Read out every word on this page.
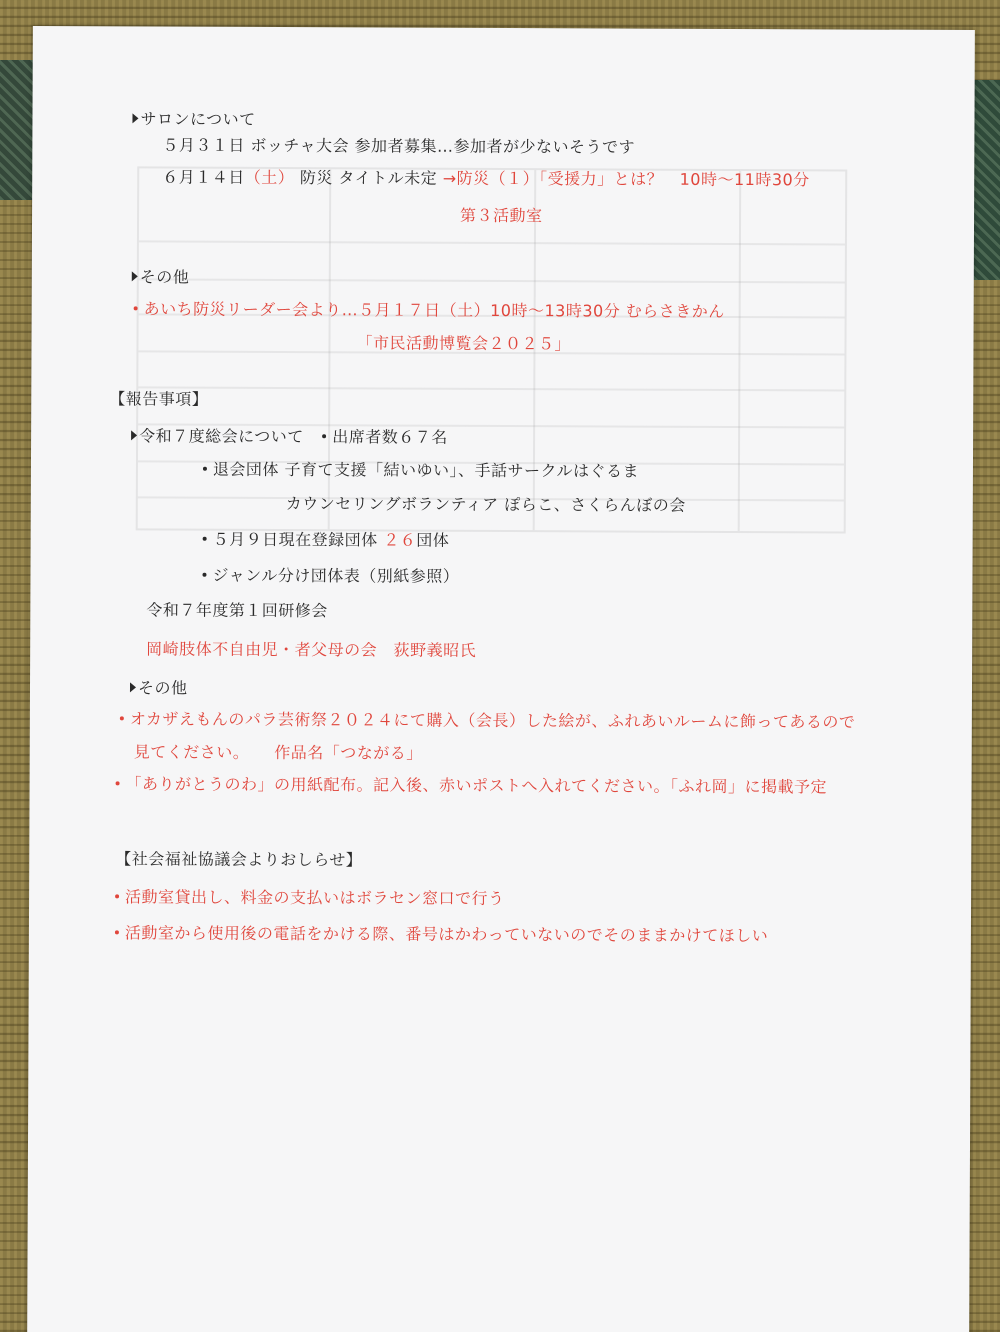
サロンについて
５月３１日 ボッチャ大会 参加者募集…参加者が少ないそうです
６月１４日（土） 防災 タイトル未定 →防災（１）「受援力」とは？　10時〜11時30分
第３活動室
その他
あいち防災リーダー会より…５月１７日（土）10時〜13時30分 むらさきかん
「市民活動博覧会２０２５」
【報告事項】
令和７度総会について　 出席者数６７名
退会団体 子育て支援「結いゆい」、手話サークルはぐるま
カウンセリングボランティア ぽらこ、さくらんぼの会
５月９日現在登録団体 ２６団体
ジャンル分け団体表（別紙参照）
令和７年度第１回研修会
岡崎肢体不自由児・者父母の会　荻野義昭氏
その他
オカザえもんのパラ芸術祭２０２４にて購入（会長）した絵が、ふれあいルームに飾ってあるので
見てください。　　作品名「つながる」
「ありがとうのわ」の用紙配布。記入後、赤いポストへ入れてください。「ふれ岡」に掲載予定
【社会福祉協議会よりおしらせ】
活動室貸出し、料金の支払いはボラセン窓口で行う
活動室から使用後の電話をかける際、番号はかわっていないのでそのままかけてほしい
